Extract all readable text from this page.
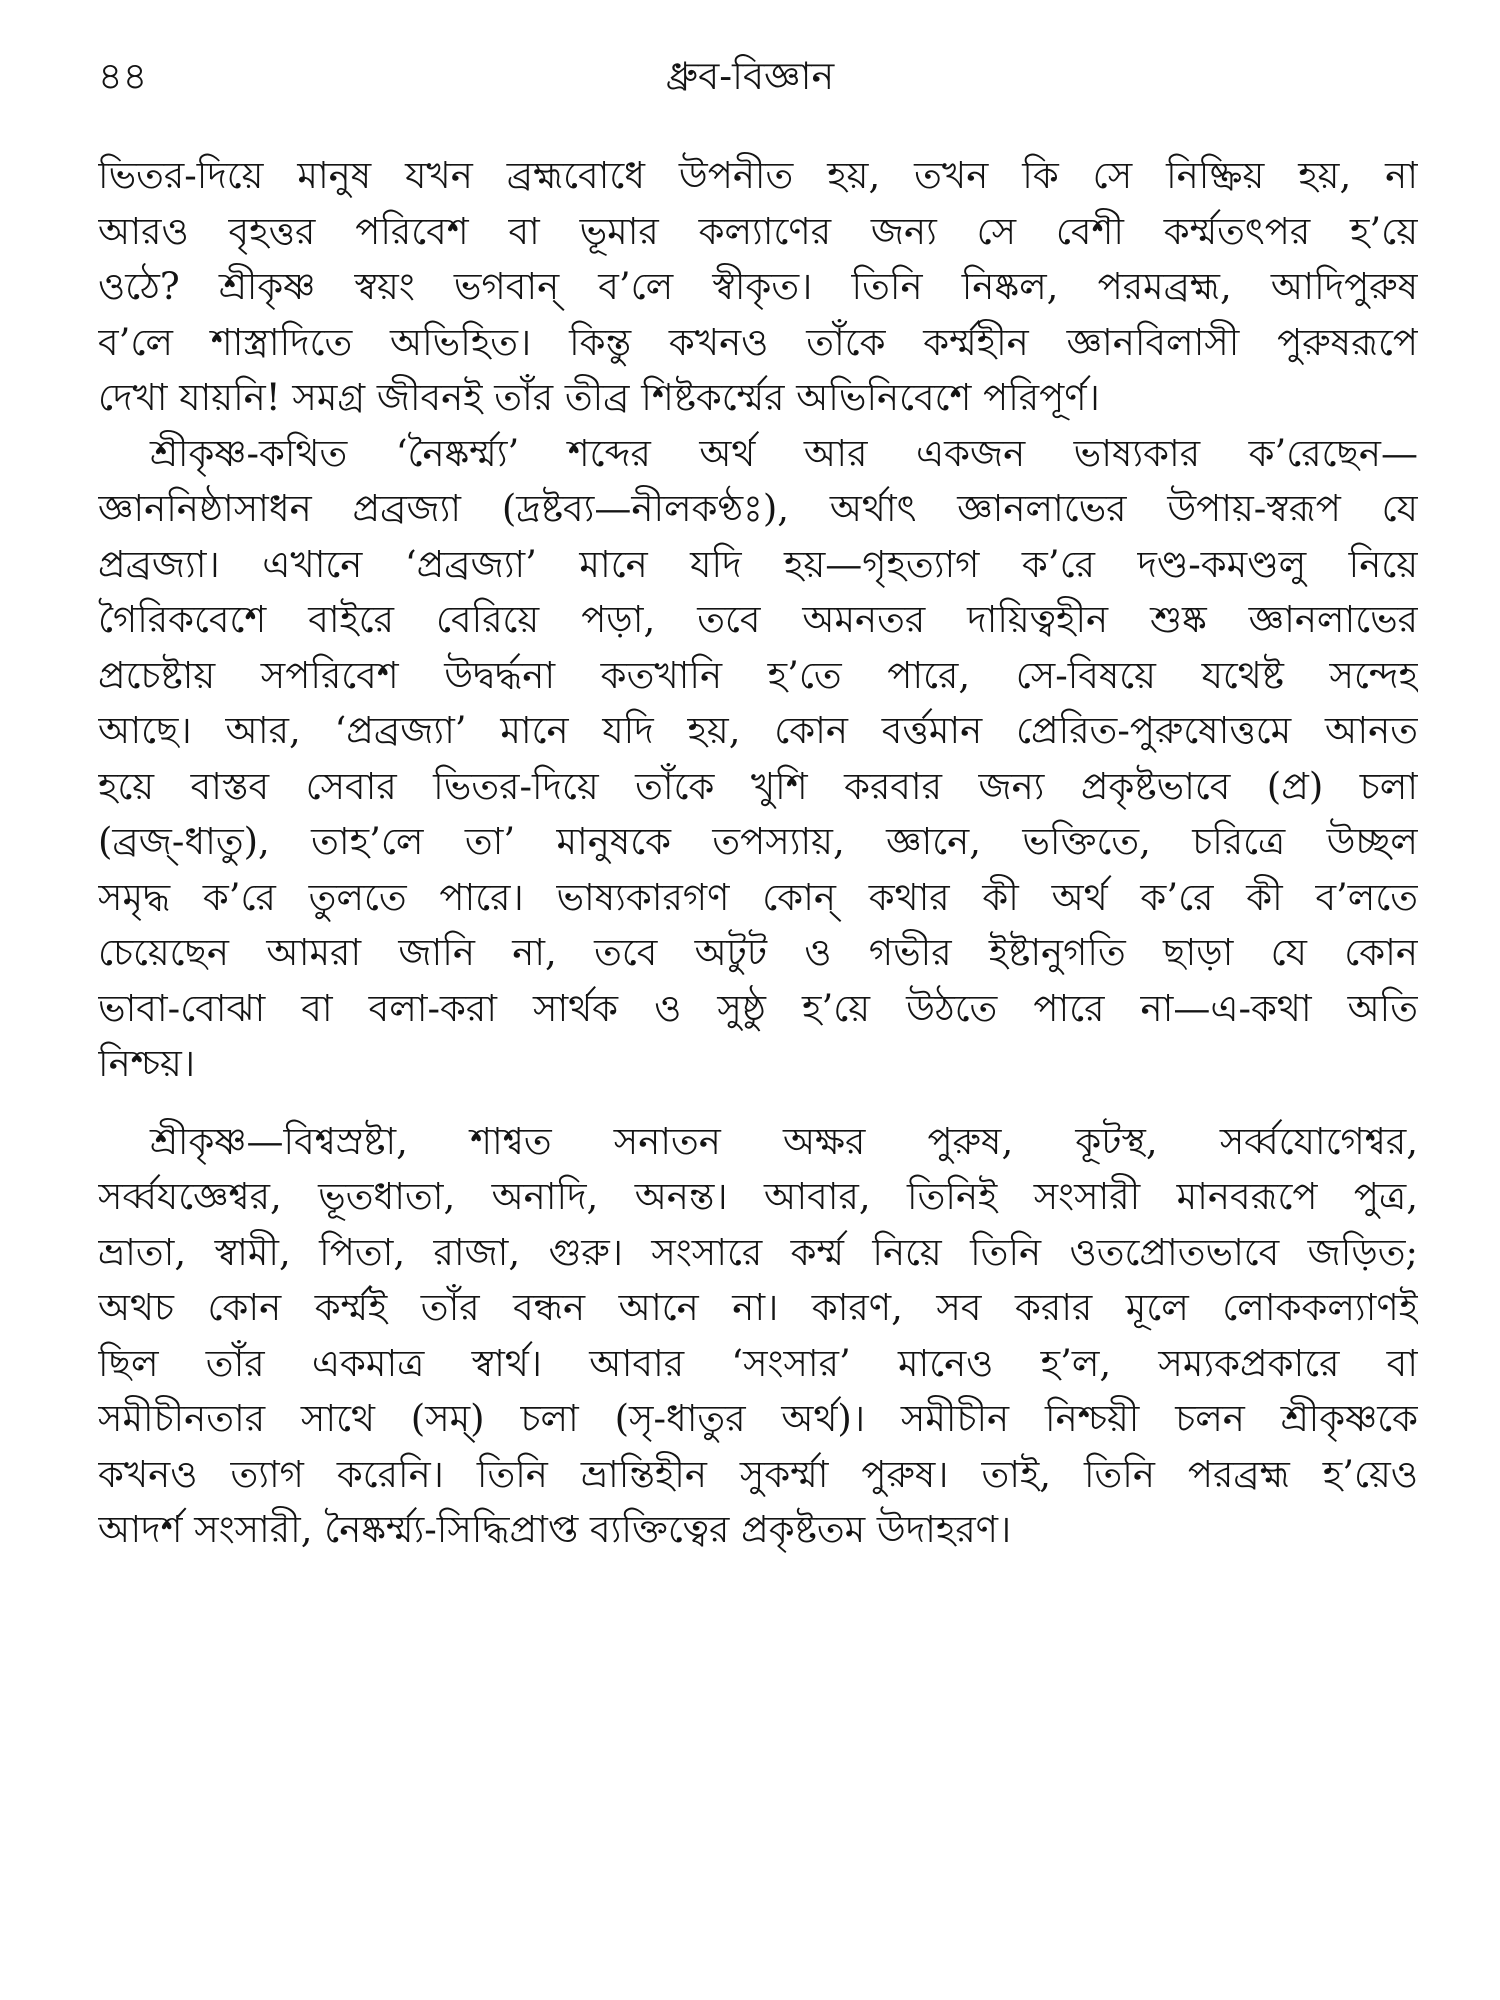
৪৪	ধ্রুব-বিজ্ঞান
ভিতর-দিয়ে মানুষ যখন ব্রহ্মবোধে উপনীত হয়, তখন কি সে নিষ্ক্রিয় হয়, না
আরও বৃহত্তর পরিবেশ বা ভূমার কল্যাণের জন্য সে বেশী কর্ম্মতৎপর হ’য়ে
ওঠে? শ্রীকৃষ্ণ স্বয়ং ভগবান্‌ ব’লে স্বীকৃত। তিনি নিষ্কল, পরমব্রহ্ম, আদিপুরুষ
ব’লে শাস্ত্রাদিতে অভিহিত। কিন্তু কখনও তাঁকে কর্ম্মহীন জ্ঞানবিলাসী পুরুষরূপে
দেখা যায়নি! সমগ্র জীবনই তাঁর তীব্র শিষ্টকর্ম্মের অভিনিবেশে পরিপূর্ণ।
শ্রীকৃষ্ণ-কথিত ‘নৈষ্কর্ম্ম্য’ শব্দের অর্থ আর একজন ভাষ্যকার ক’রেছেন—
জ্ঞাননিষ্ঠাসাধন প্রব্রজ্যা (দ্রষ্টব্য—নীলকণ্ঠঃ), অর্থাৎ জ্ঞানলাভের উপায়-স্বরূপ যে
প্রব্রজ্যা। এখানে ‘প্রব্রজ্যা’ মানে যদি হয়—গৃহত্যাগ ক’রে দণ্ড-কমণ্ডলু নিয়ে
গৈরিকবেশে বাইরে বেরিয়ে পড়া, তবে অমনতর দায়িত্বহীন শুষ্ক জ্ঞানলাভের
প্রচেষ্টায় সপরিবেশ উদ্বর্দ্ধনা কতখানি হ’তে পারে, সে-বিষয়ে যথেষ্ট সন্দেহ
আছে। আর, ‘প্রব্রজ্যা’ মানে যদি হয়, কোন বর্ত্তমান প্রেরিত-পুরুষোত্তমে আনত
হয়ে বাস্তব সেবার ভিতর-দিয়ে তাঁকে খুশি করবার জন্য প্রকৃষ্টভাবে (প্র) চলা
(ব্রজ্‌-ধাতু), তাহ’লে তা’ মানুষকে তপস্যায়, জ্ঞানে, ভক্তিতে, চরিত্রে উচ্ছল
সমৃদ্ধ ক’রে তুলতে পারে। ভাষ্যকারগণ কোন্‌ কথার কী অর্থ ক’রে কী ব’লতে
চেয়েছেন আমরা জানি না, তবে অটুট ও গভীর ইষ্টানুগতি ছাড়া যে কোন
ভাবা-বোঝা বা বলা-করা সার্থক ও সুষ্ঠু হ’য়ে উঠতে পারে না—এ-কথা অতি
নিশ্চয়।
শ্রীকৃষ্ণ—বিশ্বস্রষ্টা, শাশ্বত সনাতন অক্ষর পুরুষ, কূটস্থ, সর্ব্বযোগেশ্বর,
সর্ব্বযজ্ঞেশ্বর, ভূতধাতা, অনাদি, অনন্ত। আবার, তিনিই সংসারী মানবরূপে পুত্র,
ভ্রাতা, স্বামী, পিতা, রাজা, গুরু। সংসারে কর্ম্ম নিয়ে তিনি ওতপ্রোতভাবে জড়িত;
অথচ কোন কর্ম্মই তাঁর বন্ধন আনে না। কারণ, সব করার মূলে লোককল্যাণই
ছিল তাঁর একমাত্র স্বার্থ। আবার ‘সংসার’ মানেও হ’ল, সম্যকপ্রকারে বা
সমীচীনতার সাথে (সম্‌) চলা (সৃ-ধাতুর অর্থ)। সমীচীন নিশ্চয়ী চলন শ্রীকৃষ্ণকে
কখনও ত্যাগ করেনি। তিনি ভ্রান্তিহীন সুকর্ম্মা পুরুষ। তাই, তিনি পরব্রহ্ম হ’য়েও
আদর্শ সংসারী, নৈষ্কর্ম্ম্য-সিদ্ধিপ্রাপ্ত ব্যক্তিত্বের প্রকৃষ্টতম উদাহরণ।
